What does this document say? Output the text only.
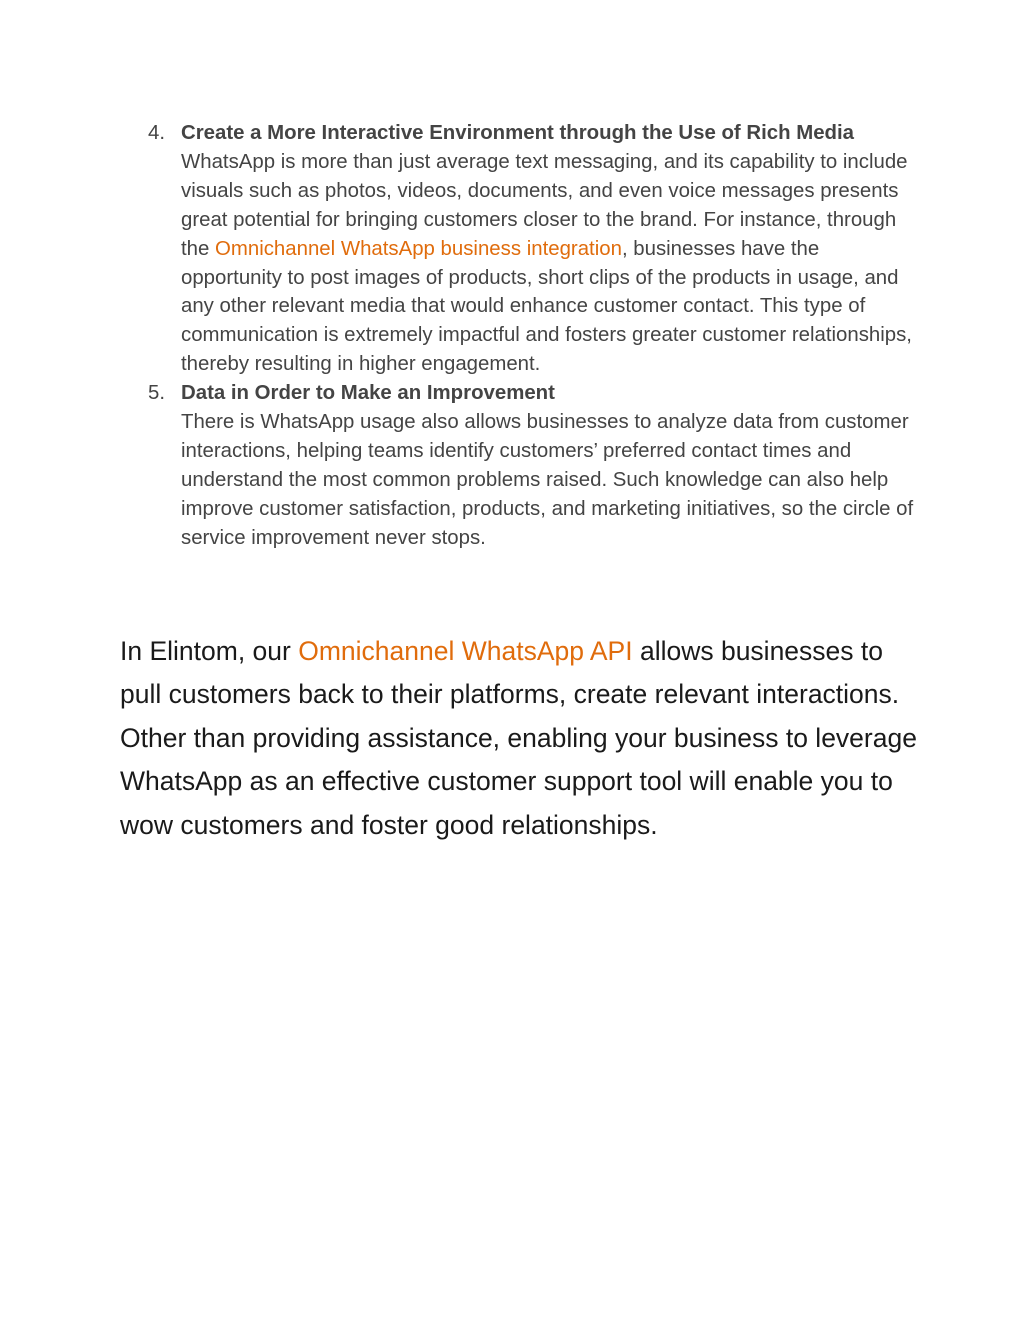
4. Create a More Interactive Environment through the Use of Rich Media
WhatsApp is more than just average text messaging, and its capability to include visuals such as photos, videos, documents, and even voice messages presents great potential for bringing customers closer to the brand. For instance, through the Omnichannel WhatsApp business integration, businesses have the opportunity to post images of products, short clips of the products in usage, and any other relevant media that would enhance customer contact. This type of communication is extremely impactful and fosters greater customer relationships, thereby resulting in higher engagement.
5. Data in Order to Make an Improvement
There is WhatsApp usage also allows businesses to analyze data from customer interactions, helping teams identify customers’ preferred contact times and understand the most common problems raised. Such knowledge can also help improve customer satisfaction, products, and marketing initiatives, so the circle of service improvement never stops.

In Elintom, our Omnichannel WhatsApp API allows businesses to pull customers back to their platforms, create relevant interactions. Other than providing assistance, enabling your business to leverage WhatsApp as an effective customer support tool will enable you to wow customers and foster good relationships.
